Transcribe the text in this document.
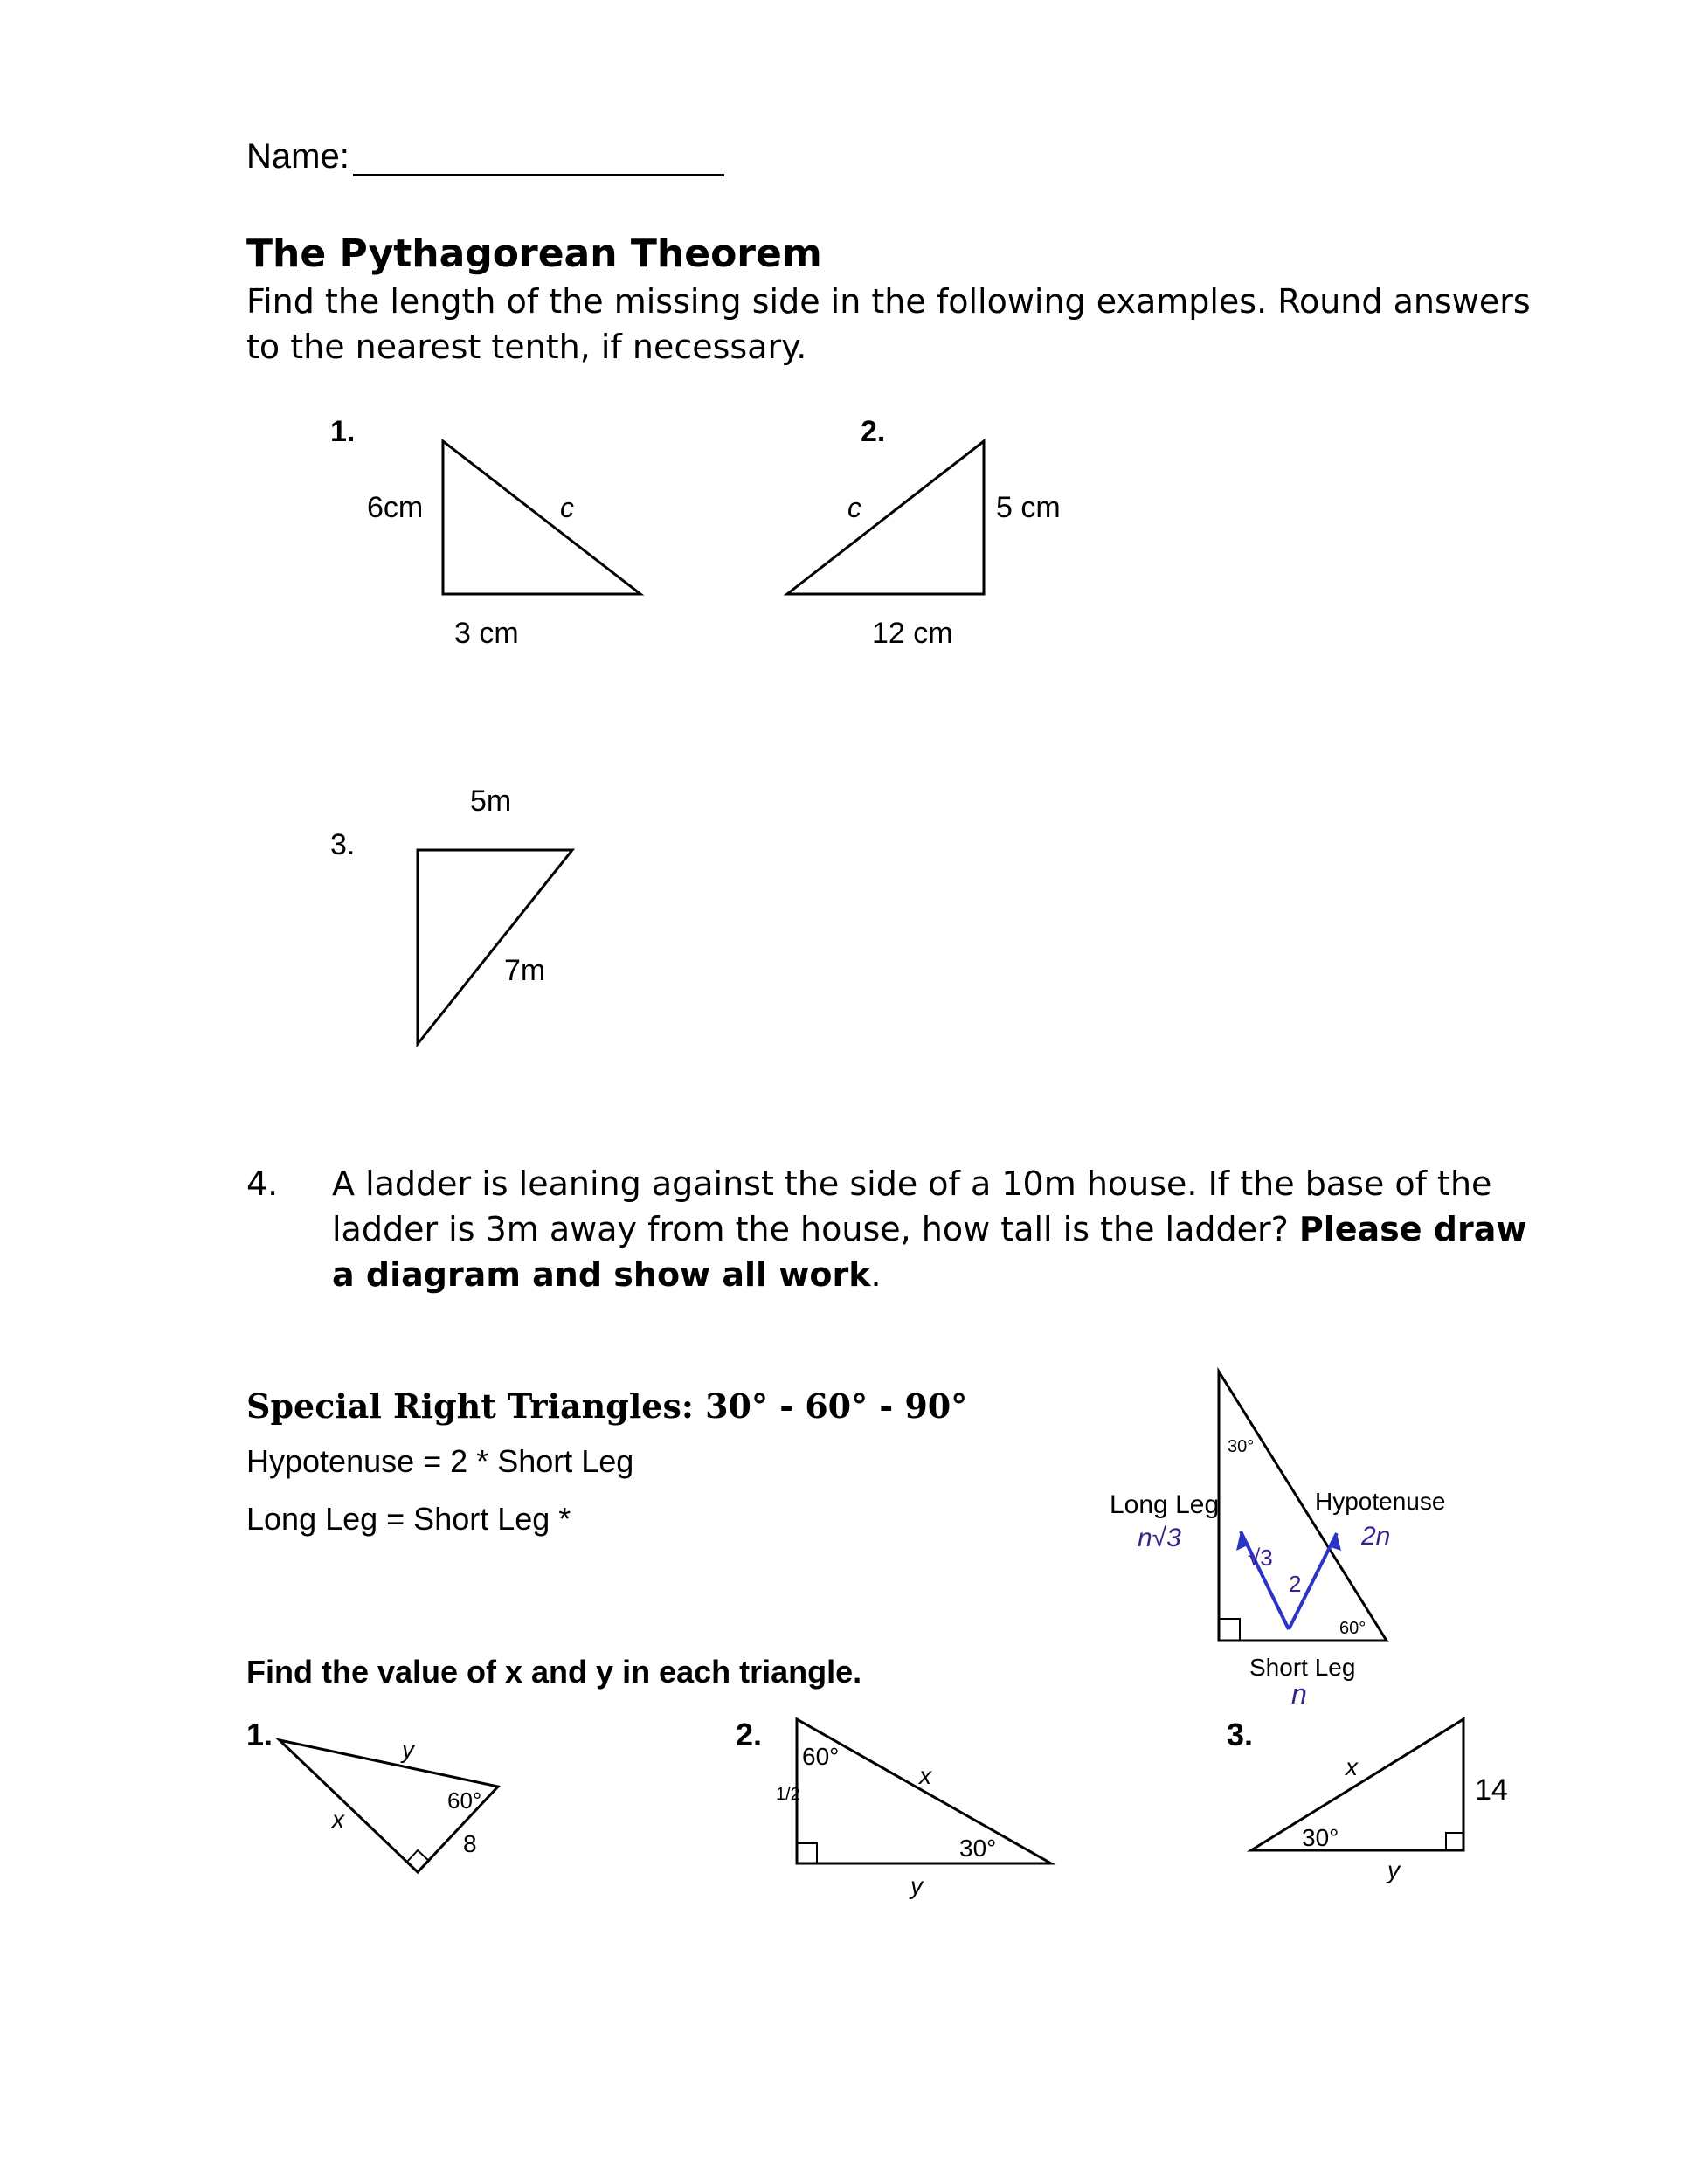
Name:
The Pythagorean Theorem
Find the length of the missing side in the following examples. Round answers
to the nearest tenth, if necessary.
1.
6cm	c
3 cm
2.
c	5 cm
12 cm
3.
5m
7m
30°
60°
Long Leg
n√3
Hypotenuse
2n
Short Leg
n
√3
2
1.	y
x
60°
8
2.
60°
1/2
x
30°
y
3.
x
14
30°
y
4. A ladder is leaning against the side of a 10m house. If the base of the
ladder is 3m away from the house, how tall is the ladder? Please draw
a diagram and show all work.
Special Right Triangles: 30° - 60° - 90°
Hypotenuse = 2 * Short Leg
Long Leg = Short Leg *
Find the value of x and y in each triangle.
